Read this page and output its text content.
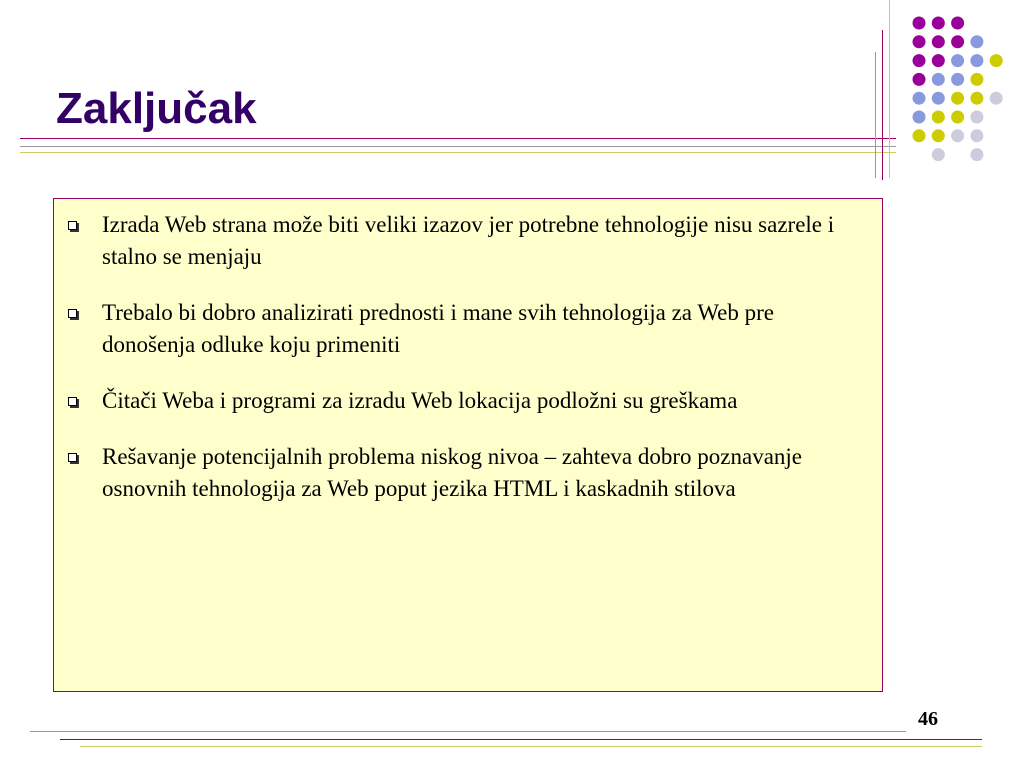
Zaključak
Izrada Web strana može biti veliki izazov jer potrebne tehnologije nisu sazrele i stalno se menjaju
Trebalo bi dobro analizirati prednosti i mane svih tehnologija za Web pre donošenja odluke koju primeniti
Čitači Weba i programi za izradu Web lokacija podložni su greškama
Rešavanje potencijalnih problema niskog nivoa – zahteva dobro poznavanje osnovnih tehnologija za Web poput jezika HTML i kaskadnih stilova
46
